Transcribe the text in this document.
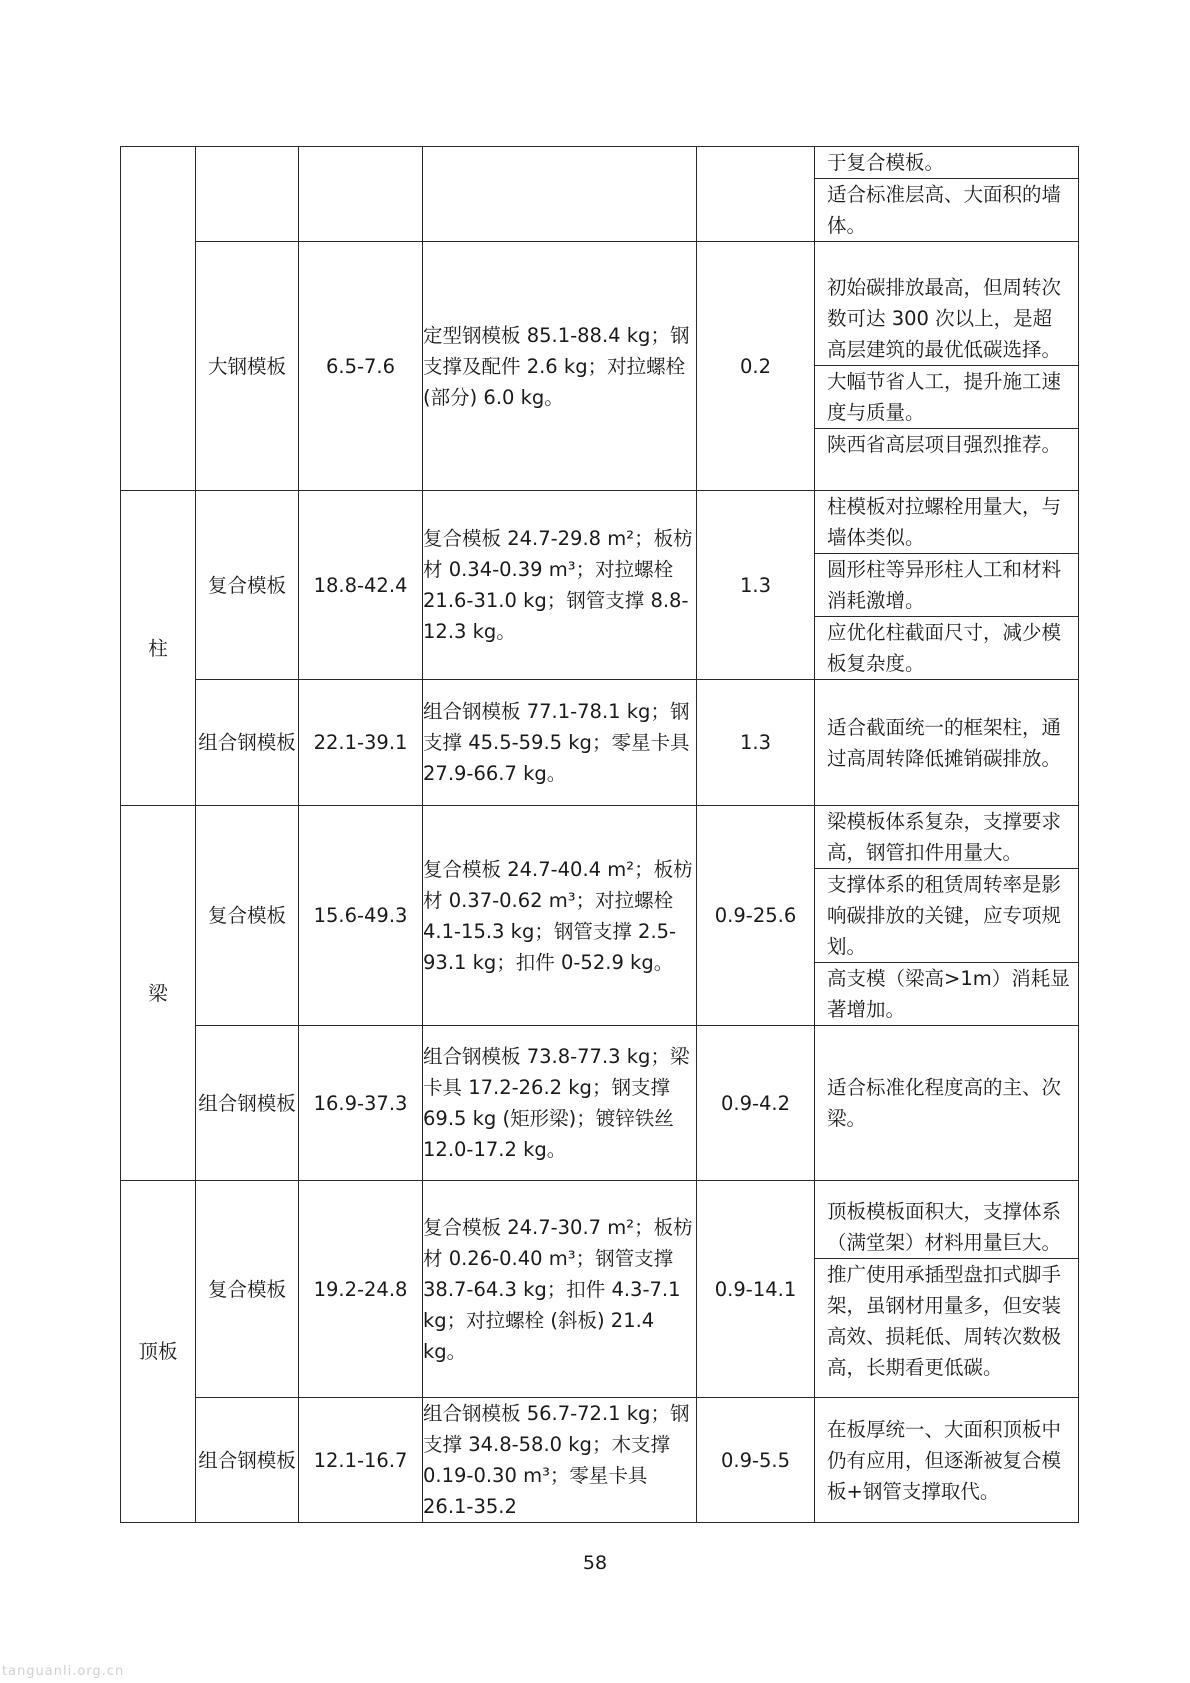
于复合模板。
适合标准层高、大面积的墙体。

	大钢模板	6.5-7.6	定型钢模板 85.1-88.4 kg；钢支撑及配件 2.6 kg；对拉螺栓 (部分) 6.0 kg。	0.2	初始碳排放最高，但周转次数可达 300 次以上，是超高层建筑的最优低碳选择。
大幅节省人工，提升施工速度与质量。
陕西省高层项目强烈推荐。

柱	复合模板	18.8-42.4	复合模板 24.7-29.8 m²；板枋材 0.34-0.39 m³；对拉螺栓 21.6-31.0 kg；钢管支撑 8.8-12.3 kg。	1.3	柱模板对拉螺栓用量大，与墙体类似。
圆形柱等异形柱人工和材料消耗激增。
应优化柱截面尺寸，减少模板复杂度。

	组合钢模板	22.1-39.1	组合钢模板 77.1-78.1 kg；钢支撑 45.5-59.5 kg；零星卡具 27.9-66.7 kg。	1.3	适合截面统一的框架柱，通过高周转降低摊销碳排放。

梁	复合模板	15.6-49.3	复合模板 24.7-40.4 m²；板枋材 0.37-0.62 m³；对拉螺栓 4.1-15.3 kg；钢管支撑 2.5-93.1 kg；扣件 0-52.9 kg。	0.9-25.6	梁模板体系复杂，支撑要求高，钢管扣件用量大。
支撑体系的租赁周转率是影响碳排放的关键，应专项规划。
高支模（梁高>1m）消耗显著增加。

	组合钢模板	16.9-37.3	组合钢模板 73.8-77.3 kg；梁卡具 17.2-26.2 kg；钢支撑 69.5 kg (矩形梁)；镀锌铁丝 12.0-17.2 kg。	0.9-4.2	适合标准化程度高的主、次梁。

顶板	复合模板	19.2-24.8	复合模板 24.7-30.7 m²；板枋材 0.26-0.40 m³；钢管支撑 38.7-64.3 kg；扣件 4.3-7.1 kg；对拉螺栓 (斜板) 21.4 kg。	0.9-14.1	顶板模板面积大，支撑体系（满堂架）材料用量巨大。
推广使用承插型盘扣式脚手架，虽钢材用量多，但安装高效、损耗低、周转次数极高，长期看更低碳。

	组合钢模板	12.1-16.7	组合钢模板 56.7-72.1 kg；钢支撑 34.8-58.0 kg；木支撑 0.19-0.30 m³；零星卡具 26.1-35.2	0.9-5.5	在板厚统一、大面积顶板中仍有应用，但逐渐被复合模板+钢管支撑取代。
58
tanguanli.org.cn
